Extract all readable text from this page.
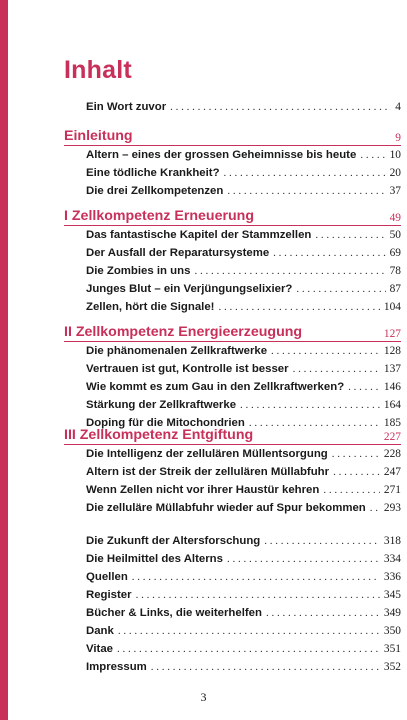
Inhalt
Ein Wort zuvor . . .	4
Einleitung	9
Altern – eines der grossen Geheimnisse bis heute . . .	10
Eine tödliche Krankheit? . . .	20
Die drei Zellkompetenzen . . .	37
I Zellkompetenz Erneuerung	49
Das fantastische Kapitel der Stammzellen . . .	50
Der Ausfall der Reparatursysteme . . .	69
Die Zombies in uns . . .	78
Junges Blut – ein Verjüngungselixier? . . .	87
Zellen, hört die Signale! . . .	104
II Zellkompetenz Energieerzeugung	127
Die phänomenalen Zellkraftwerke . . .	128
Vertrauen ist gut, Kontrolle ist besser . . .	137
Wie kommt es zum Gau in den Zellkraftwerken? . . .	146
Stärkung der Zellkraftwerke . . .	164
Doping für die Mitochondrien . . .	185
III Zellkompetenz Entgiftung	227
Die Intelligenz der zellulären Müllentsorgung . . .	228
Altern ist der Streik der zellulären Müllabfuhr . . .	247
Wenn Zellen nicht vor ihrer Haustür kehren . . .	271
Die zelluläre Müllabfuhr wieder auf Spur bekommen . . . 293
Die Zukunft der Altersforschung . . .	318
Die Heilmittel des Alterns . . .	334
Quellen . . .	336
Register . . .	345
Bücher & Links, die weiterhelfen . . .	349
Dank . . .	350
Vitae . . .	351
Impressum . . .	352
3
